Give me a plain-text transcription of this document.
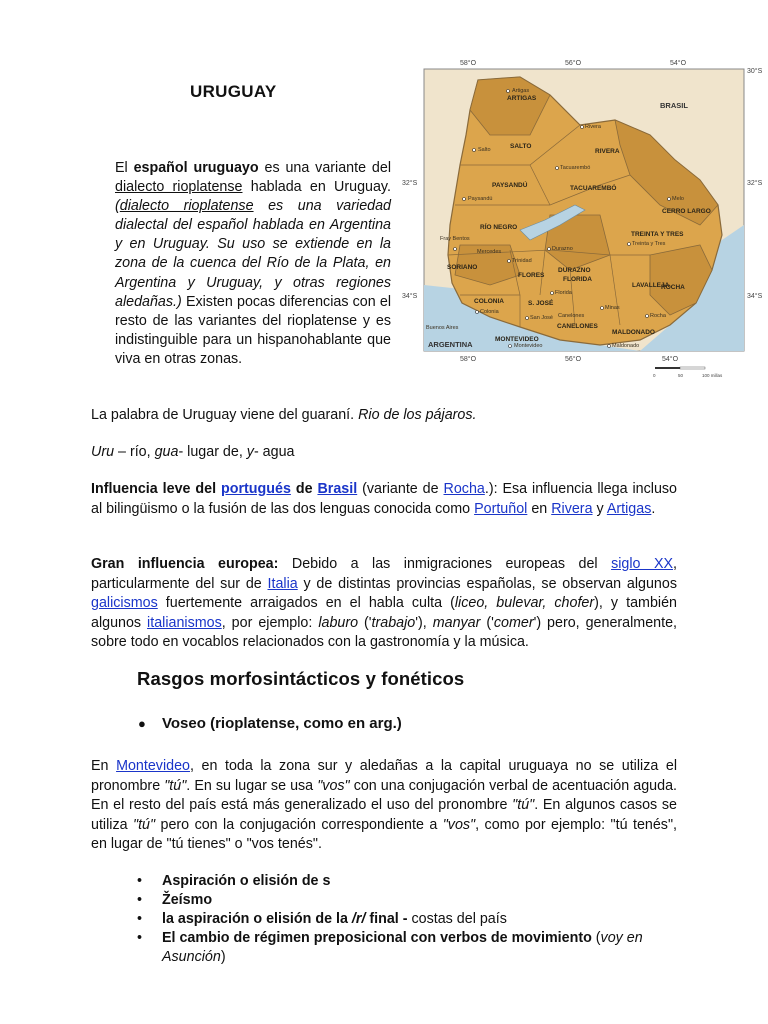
URUGUAY

El español uruguayo es una variante del dialecto rioplatense hablada en Uruguay. (dialecto rioplatense es una variedad dialectal del español hablada en Argentina y en Uruguay. Su uso se extiende en la zona de la cuenca del Río de la Plata, en Argentina y Uruguay, y otras regiones aledañas.) Existen pocas diferencias con el resto de las variantes del rioplatense y es indistinguible para un hispanohablante que viva en otras zonas.

58°O	56°O	54°O
58°O	56°O	54°O
32°S
34°S
30°S
32°S
34°S
BRASIL
ARGENTINA
ARTIGAS
SALTO
RIVERA
PAYSANDÚ	TACUAREMBÓ
CERRO LARGO
RÍO NEGRO
DURAZNO
TREINTA Y TRES
SORIANO
FLORES
FLORIDA
LAVALLEJA
ROCHA
COLONIA	S. JOSÉ
CANELONES
MALDONADO
MONTEVIDEO
Artigas
Salto
Rivera
Paysandú
Tacuarembó
Melo
Fray Bentos
Mercedes	Durazno
Treinta y Tres
Trinidad
Florida
Minas
Rocha
Colonia
San José Canelones
Maldonado
Montevideo
Buenos Aires
0	50	100 millas

La palabra de Uruguay viene del guaraní. Rio de los pájaros.

Uru – río, gua- lugar de, y- agua

Influencia leve del portugués de Brasil (variante de Rocha.): Esa influencia llega incluso al bilingüismo o la fusión de las dos lenguas conocida como Portuñol en Rivera y Artigas.

Gran influencia europea: Debido a las inmigraciones europeas del siglo XX, particularmente del sur de Italia y de distintas provincias españolas, se observan algunos galicismos fuertemente arraigados en el habla culta (liceo, bulevar, chofer), y también algunos italianismos, por ejemplo: laburo ('trabajo'), manyar ('comer') pero, generalmente, sobre todo en vocablos relacionados con la gastronomía y la música.

Rasgos morfosintácticos y fonéticos
● Voseo (rioplatense, como en arg.)

En Montevideo, en toda la zona sur y aledañas a la capital uruguaya no se utiliza el pronombre "tú". En su lugar se usa "vos" con una conjugación verbal de acentuación aguda. En el resto del país está más generalizado el uso del pronombre "tú". En algunos casos se utiliza "tú" pero con la conjugación correspondiente a "vos", como por ejemplo: "tú tenés", en lugar de "tú tienes" o "vos tenés".

• Aspiración o elisión de s
• Žeísmo
• la aspiración o elisión de la /r/ final - costas del país
• El cambio de régimen preposicional con verbos de movimiento (voy en Asunción)
